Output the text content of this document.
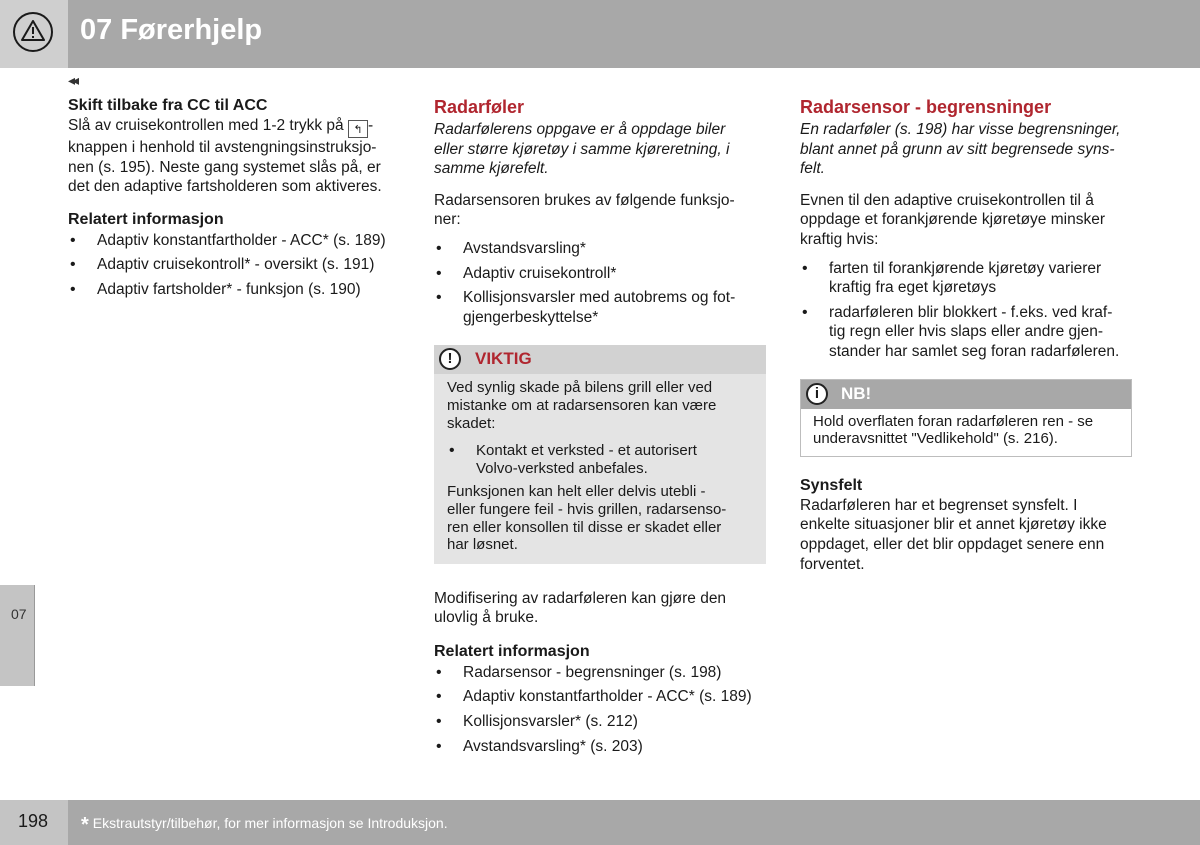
07 Førerhjelp
◂◂
07
Skift tilbake fra CC til ACC

Slå av cruisekontrollen med 1-2 trykk på ↰ -
knappen i henhold til avstengningsinstruksjo-
nen (s. 195). Neste gang systemet slås på, er
det den adaptive fartsholderen som aktiveres.

Relatert informasjon
• Adaptiv konstantfartholder - ACC* (s. 189)
• Adaptiv cruisekontroll* - oversikt (s. 191)
• Adaptiv fartsholder* - funksjon (s. 190)
Radarføler

Radarfølerens oppgave er å oppdage biler
eller større kjøretøy i samme kjøreretning, i
samme kjørefelt.

Radarsensoren brukes av følgende funksjo-
ner:

• Avstandsvarsling*
• Adaptiv cruisekontroll*
• Kollisjonsvarsler med autobrems og fot-
gjengerbeskyttelse*
!	VIKTIG

Ved synlig skade på bilens grill eller ved
mistanke om at radarsensoren kan være
skadet:

• Kontakt et verksted - et autorisert
Volvo-verksted anbefales.

Funksjonen kan helt eller delvis utebli -
eller fungere feil - hvis grillen, radarsenso-
ren eller konsollen til disse er skadet eller
har løsnet.

Modifisering av radarføleren kan gjøre den
ulovlig å bruke.

Relatert informasjon
• Radarsensor - begrensninger (s. 198)
• Adaptiv konstantfartholder - ACC* (s. 189)
• Kollisjonsvarsler* (s. 212)
• Avstandsvarsling* (s. 203)
Radarsensor - begrensninger

En radarføler (s. 198) har visse begrensninger,
blant annet på grunn av sitt begrensede syns-
felt.

Evnen til den adaptive cruisekontrollen til å
oppdage et forankjørende kjøretøye minsker
kraftig hvis:

• farten til forankjørende kjøretøy varierer
kraftig fra eget kjøretøys
• radarføleren blir blokkert - f.eks. ved kraf-
tig regn eller hvis slaps eller andre gjen-
stander har samlet seg foran radarføleren.
i	NB!
Hold overflaten foran radarføleren ren - se
underavsnittet "Vedlikehold" (s. 216).
Synsfelt

Radarføleren har et begrenset synsfelt. I
enkelte situasjoner blir et annet kjøretøy ikke
oppdaget, eller det blir oppdaget senere enn
forventet.

198 * Ekstrautstyr/tilbehør, for mer informasjon se Introduksjon.
